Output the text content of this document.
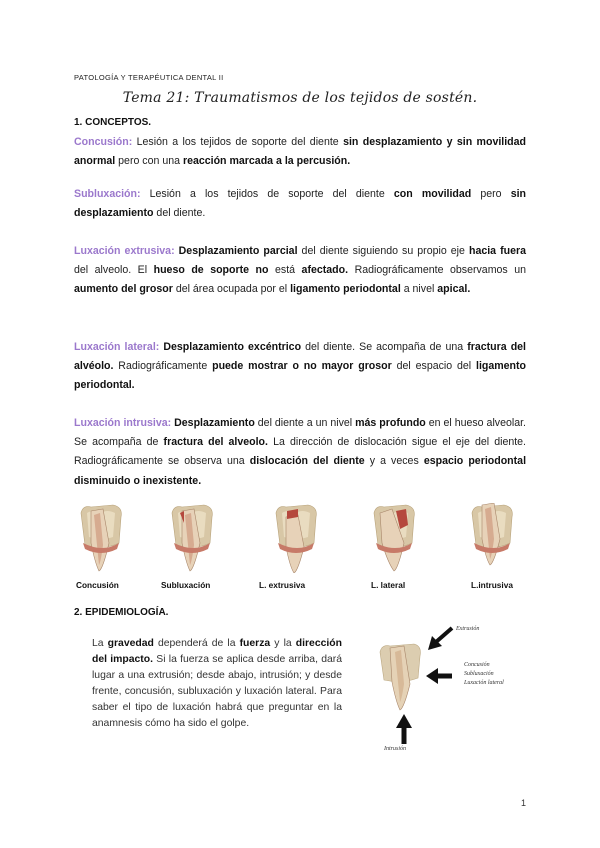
PATOLOGÍA Y TERAPÉUTICA DENTAL II
Tema 21: Traumatismos de los tejidos de sostén.
1. CONCEPTOS.
Concusión: Lesión a los tejidos de soporte del diente sin desplazamiento y sin movilidad anormal pero con una reacción marcada a la percusión.
Subluxación: Lesión a los tejidos de soporte del diente con movilidad pero sin desplazamiento del diente.
Luxación extrusiva: Desplazamiento parcial del diente siguiendo su propio eje hacia fuera del alveolo. El hueso de soporte no está afectado. Radiográficamente observamos un aumento del grosor del área ocupada por el ligamento periodontal a nivel apical.
Luxación lateral: Desplazamiento excéntrico del diente. Se acompaña de una fractura del alvéolo. Radiográficamente puede mostrar o no mayor grosor del espacio del ligamento periodontal.
Luxación intrusiva: Desplazamiento del diente a un nivel más profundo en el hueso alveolar. Se acompaña de fractura del alveolo. La dirección de dislocación sigue el eje del diente. Radiográficamente se observa una dislocación del diente y a veces espacio periodontal disminuido o inexistente.
Concusión	Subluxación	L. extrusiva	L. lateral	L.intrusiva
2. EPIDEMIOLOGÍA.
La gravedad dependerá de la fuerza y la dirección del impacto. Si la fuerza se aplica desde arriba, dará lugar a una extrusión; desde abajo, intrusión; y desde frente, concusión, subluxación y luxación lateral. Para saber el tipo de luxación habrá que preguntar en la anamnesis cómo ha sido el golpe.
Extrusión
Concusión
Subluxación
Luxación lateral
Intrusión
1
